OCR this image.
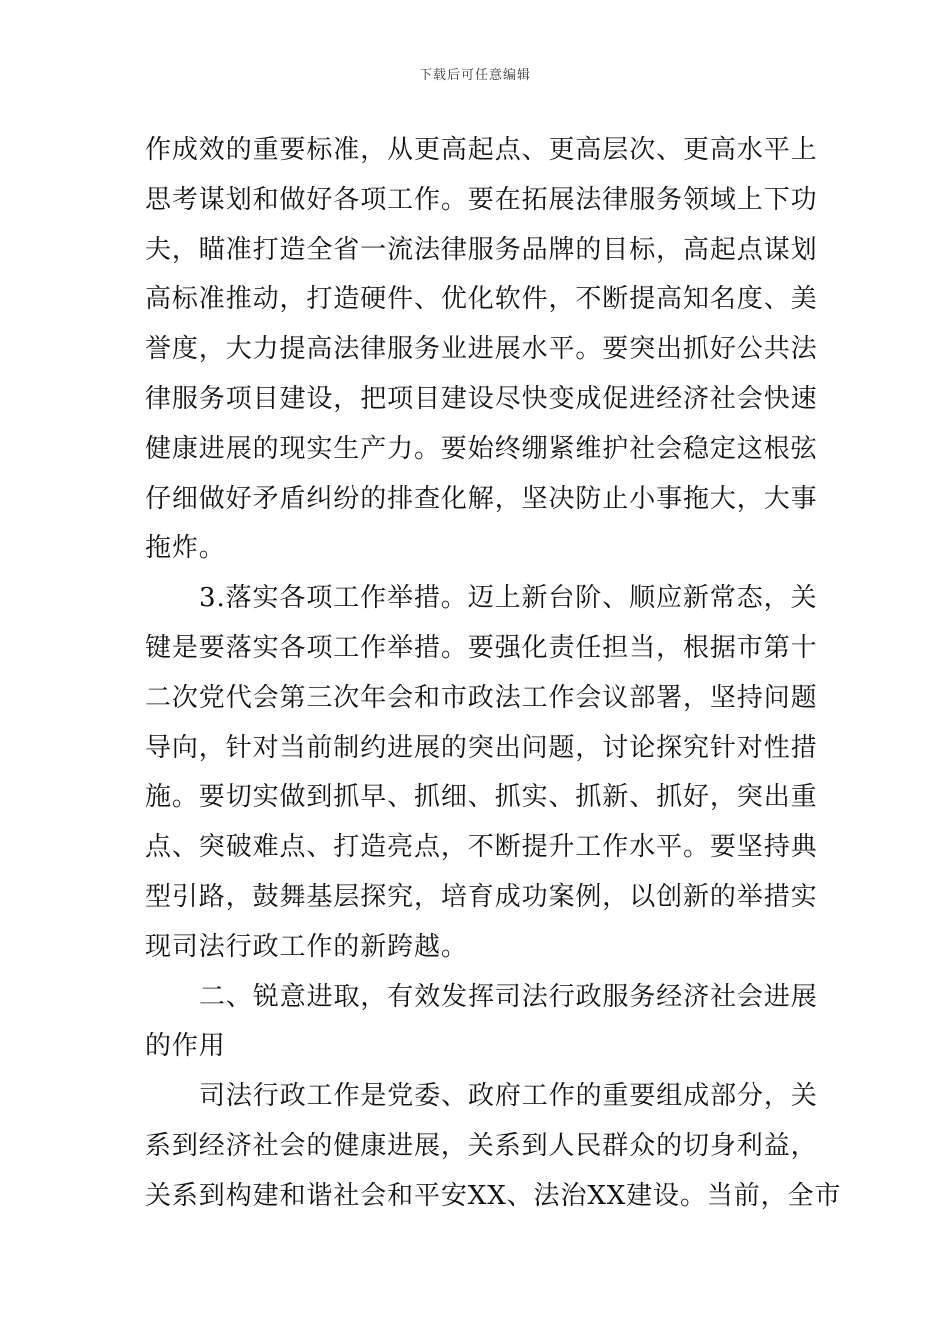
下载后可任意编辑
作成效的重要标准，从更高起点、更高层次、更高水平上
思考谋划和做好各项工作。要在拓展法律服务领域上下功
夫，瞄准打造全省一流法律服务品牌的目标，高起点谋划
高标准推动，打造硬件、优化软件，不断提高知名度、美
誉度，大力提高法律服务业进展水平。要突出抓好公共法
律服务项目建设，把项目建设尽快变成促进经济社会快速
健康进展的现实生产力。要始终绷紧维护社会稳定这根弦
仔细做好矛盾纠纷的排查化解，坚决防止小事拖大，大事
拖炸。
3.落实各项工作举措。迈上新台阶、顺应新常态，关
键是要落实各项工作举措。要强化责任担当，根据市第十
二次党代会第三次年会和市政法工作会议部署，坚持问题
导向，针对当前制约进展的突出问题，讨论探究针对性措
施。要切实做到抓早、抓细、抓实、抓新、抓好，突出重
点、突破难点、打造亮点，不断提升工作水平。要坚持典
型引路，鼓舞基层探究，培育成功案例，以创新的举措实
现司法行政工作的新跨越。
二、锐意进取，有效发挥司法行政服务经济社会进展
的作用
司法行政工作是党委、政府工作的重要组成部分，关
系到经济社会的健康进展，关系到人民群众的切身利益，
关系到构建和谐社会和平安XX、法治XX建设。当前，全市
